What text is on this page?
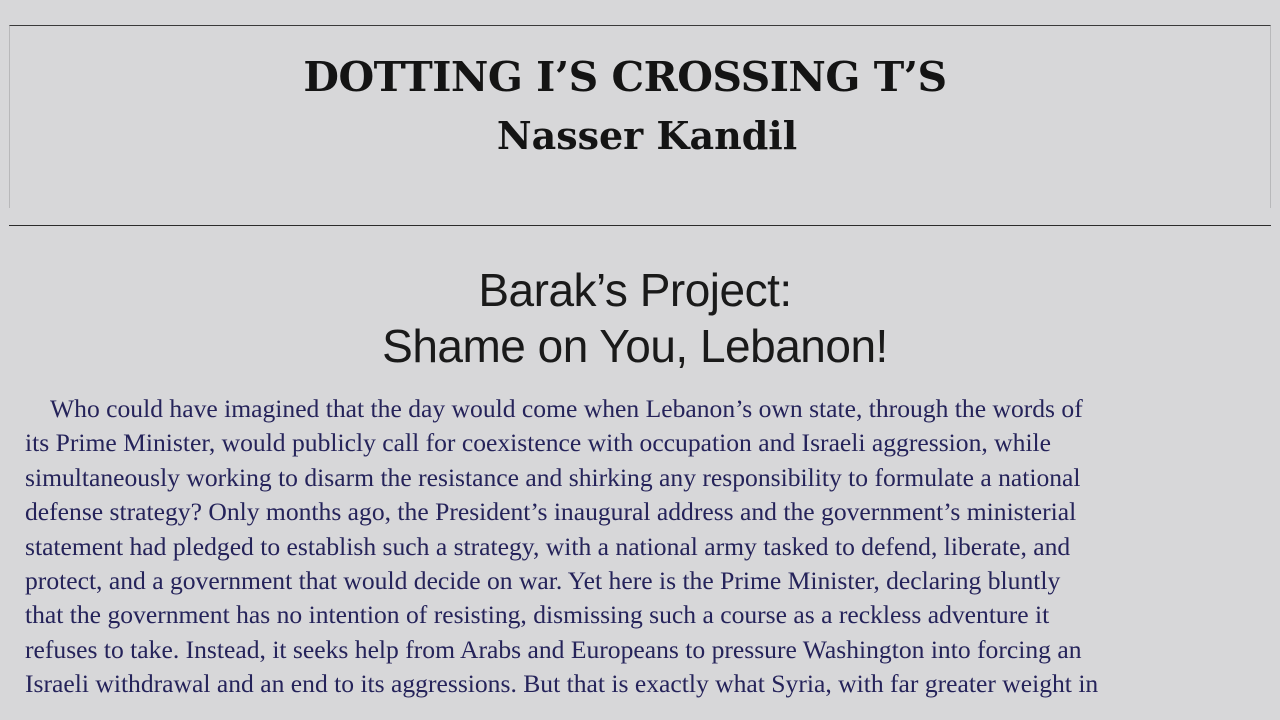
DOTTING I’S CROSSING T’S
Nasser Kandil
Barak’s Project:
Shame on You, Lebanon!
Who could have imagined that the day would come when Lebanon’s own state, through the words of
its Prime Minister, would publicly call for coexistence with occupation and Israeli aggression, while
simultaneously working to disarm the resistance and shirking any responsibility to formulate a national
defense strategy? Only months ago, the President’s inaugural address and the government’s ministerial
statement had pledged to establish such a strategy, with a national army tasked to defend, liberate, and
protect, and a government that would decide on war. Yet here is the Prime Minister, declaring bluntly
that the government has no intention of resisting, dismissing such a course as a reckless adventure it
refuses to take. Instead, it seeks help from Arabs and Europeans to pressure Washington into forcing an
Israeli withdrawal and an end to its aggressions. But that is exactly what Syria, with far greater weight in
